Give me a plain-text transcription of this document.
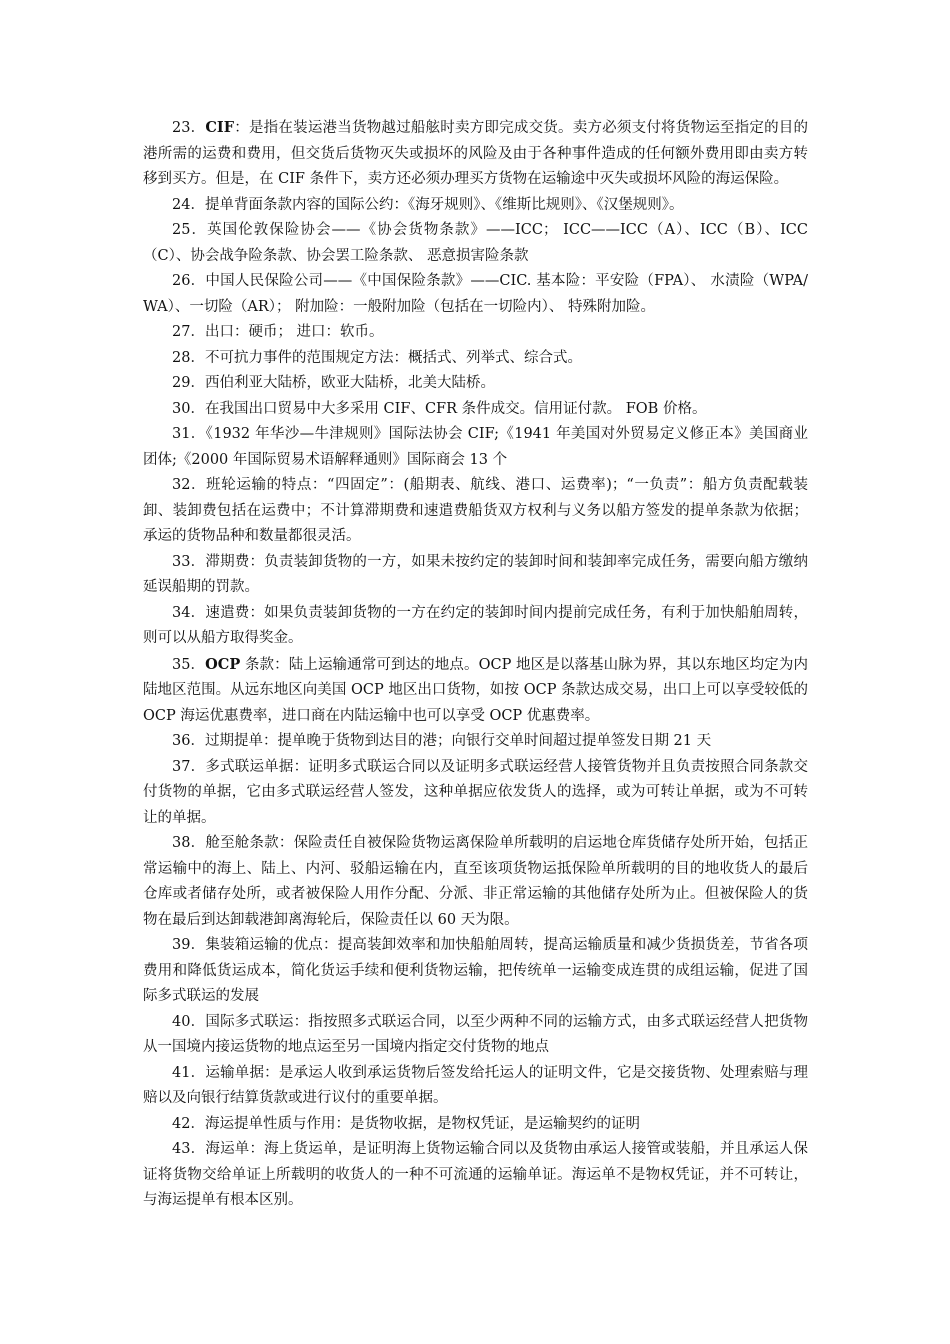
23．CIF：是指在装运港当货物越过船舷时卖方即完成交货。卖方必须支付将货物运至指定的目的港所需的运费和费用，但交货后货物灭失或损坏的风险及由于各种事件造成的任何额外费用即由卖方转移到买方。但是，在 CIF 条件下，卖方还必须办理买方货物在运输途中灭失或损坏风险的海运保险。

24．提单背面条款内容的国际公约：《海牙规则》、《维斯比规则》、《汉堡规则》。

25．英国伦敦保险协会——《协会货物条款》——ICC； ICC——ICC（A）、ICC（B）、ICC（C）、协会战争险条款、协会罢工险条款、 恶意损害险条款

26．中国人民保险公司——《中国保险条款》——CIC. 基本险：平安险（FPA）、 水渍险（WPA/WA）、一切险（AR）； 附加险：一般附加险（包括在一切险内）、 特殊附加险。

27．出口：硬币； 进口：软币。

28．不可抗力事件的范围规定方法：概括式、列举式、综合式。

29．西伯利亚大陆桥，欧亚大陆桥，北美大陆桥。

30．在我国出口贸易中大多采用 CIF、CFR 条件成交。信用证付款。 FOB 价格。

31．《1932 年华沙—牛津规则》国际法协会 CIF;《1941 年美国对外贸易定义修正本》美国商业团体;《2000 年国际贸易术语解释通则》国际商会 13 个

32．班轮运输的特点：“四固定”：(船期表、航线、港口、运费率)；“一负责”：船方负责配载装卸、装卸费包括在运费中；不计算滞期费和速遣费船货双方权利与义务以船方签发的提单条款为依据；承运的货物品种和数量都很灵活。

33．滞期费：负责装卸货物的一方，如果未按约定的装卸时间和装卸率完成任务，需要向船方缴纳延误船期的罚款。

34．速遣费：如果负责装卸货物的一方在约定的装卸时间内提前完成任务，有利于加快船舶周转，则可以从船方取得奖金。

35．OCP 条款：陆上运输通常可到达的地点。OCP 地区是以落基山脉为界，其以东地区均定为内陆地区范围。从远东地区向美国 OCP 地区出口货物，如按 OCP 条款达成交易，出口上可以享受较低的 OCP 海运优惠费率，进口商在内陆运输中也可以享受 OCP 优惠费率。

36．过期提单：提单晚于货物到达目的港；向银行交单时间超过提单签发日期 21 天

37．多式联运单据：证明多式联运合同以及证明多式联运经营人接管货物并且负责按照合同条款交付货物的单据，它由多式联运经营人签发，这种单据应依发货人的选择，或为可转让单据，或为不可转让的单据。

38．舱至舱条款：保险责任自被保险货物运离保险单所载明的启运地仓库货储存处所开始，包括正常运输中的海上、陆上、内河、驳船运输在内，直至该项货物运抵保险单所载明的目的地收货人的最后仓库或者储存处所，或者被保险人用作分配、分派、非正常运输的其他储存处所为止。但被保险人的货物在最后到达卸载港卸离海轮后，保险责任以 60 天为限。

39．集装箱运输的优点：提高装卸效率和加快船舶周转，提高运输质量和减少货损货差，节省各项费用和降低货运成本，简化货运手续和便利货物运输，把传统单一运输变成连贯的成组运输，促进了国际多式联运的发展

40．国际多式联运：指按照多式联运合同，以至少两种不同的运输方式，由多式联运经营人把货物从一国境内接运货物的地点运至另一国境内指定交付货物的地点

41．运输单据：是承运人收到承运货物后签发给托运人的证明文件，它是交接货物、处理索赔与理赔以及向银行结算货款或进行议付的重要单据。

42．海运提单性质与作用：是货物收据，是物权凭证，是运输契约的证明

43．海运单：海上货运单，是证明海上货物运输合同以及货物由承运人接管或装船，并且承运人保证将货物交给单证上所载明的收货人的一种不可流通的运输单证。海运单不是物权凭证，并不可转让，与海运提单有根本区别。
